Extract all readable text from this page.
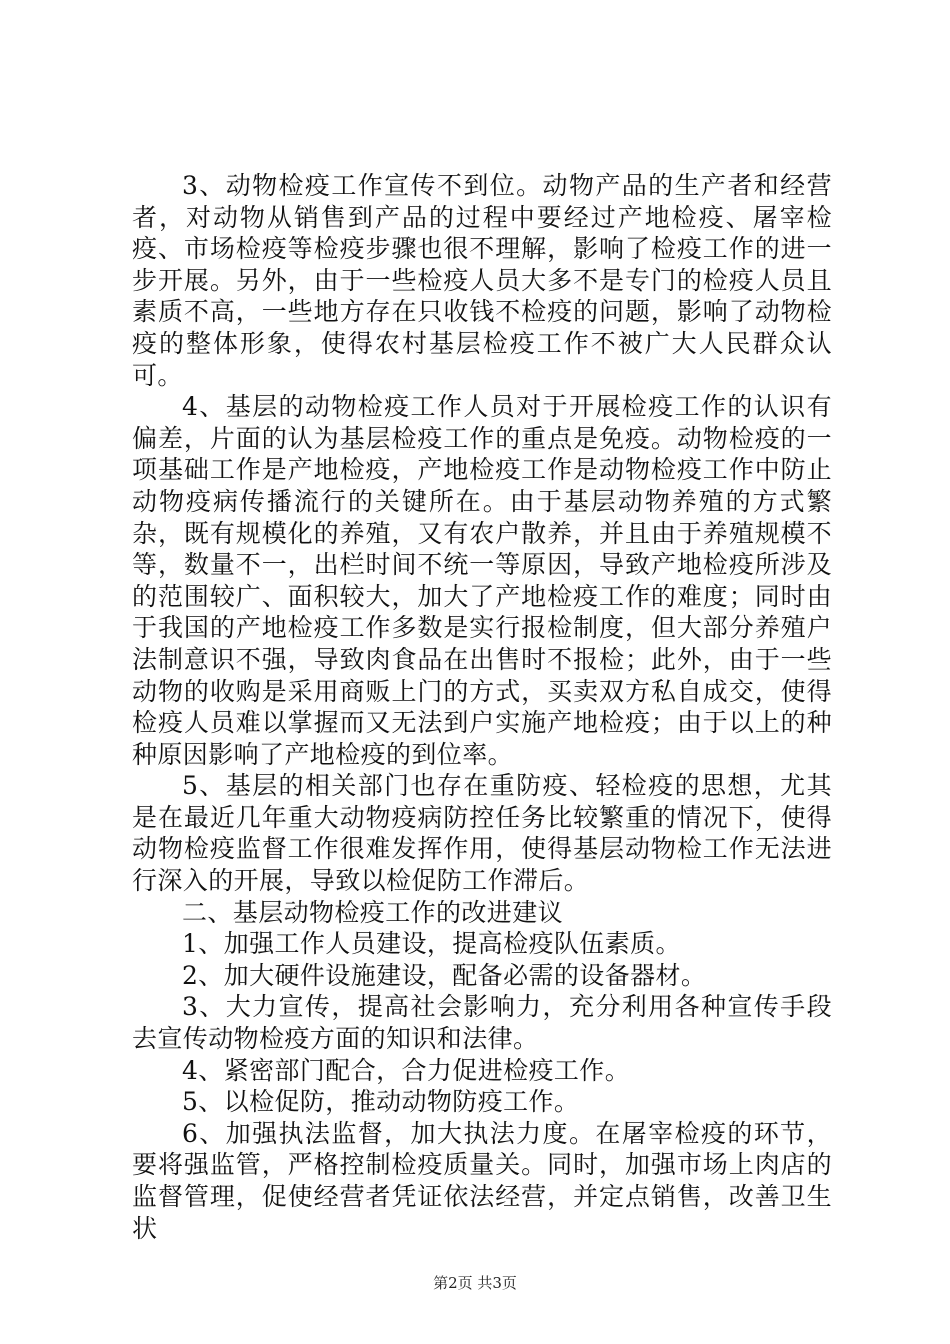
3、动物检疫工作宣传不到位。动物产品的生产者和经营者，对动物从销售到产品的过程中要经过产地检疫、屠宰检疫、市场检疫等检疫步骤也很不理解，影响了检疫工作的进一步开展。另外，由于一些检疫人员大多不是专门的检疫人员且素质不高，一些地方存在只收钱不检疫的问题，影响了动物检疫的整体形象，使得农村基层检疫工作不被广大人民群众认可。

4、基层的动物检疫工作人员对于开展检疫工作的认识有偏差，片面的认为基层检疫工作的重点是免疫。动物检疫的一项基础工作是产地检疫，产地检疫工作是动物检疫工作中防止动物疫病传播流行的关键所在。由于基层动物养殖的方式繁杂，既有规模化的养殖，又有农户散养，并且由于养殖规模不等，数量不一，出栏时间不统一等原因，导致产地检疫所涉及的范围较广、面积较大，加大了产地检疫工作的难度；同时由于我国的产地检疫工作多数是实行报检制度，但大部分养殖户法制意识不强，导致肉食品在出售时不报检；此外，由于一些动物的收购是采用商贩上门的方式，买卖双方私自成交，使得检疫人员难以掌握而又无法到户实施产地检疫；由于以上的种种原因影响了产地检疫的到位率。

5、基层的相关部门也存在重防疫、轻检疫的思想，尤其是在最近几年重大动物疫病防控任务比较繁重的情况下，使得动物检疫监督工作很难发挥作用，使得基层动物检工作无法进行深入的开展，导致以检促防工作滞后。

二、基层动物检疫工作的改进建议

1、加强工作人员建设，提高检疫队伍素质。

2、加大硬件设施建设，配备必需的设备器材。

3、大力宣传，提高社会影响力，充分利用各种宣传手段去宣传动物检疫方面的知识和法律。

4、紧密部门配合，合力促进检疫工作。

5、以检促防，推动动物防疫工作。

6、加强执法监督，加大执法力度。在屠宰检疫的环节，要将强监管，严格控制检疫质量关。同时，加强市场上肉店的监督管理，促使经营者凭证依法经营，并定点销售，改善卫生状

第2页 共3页
